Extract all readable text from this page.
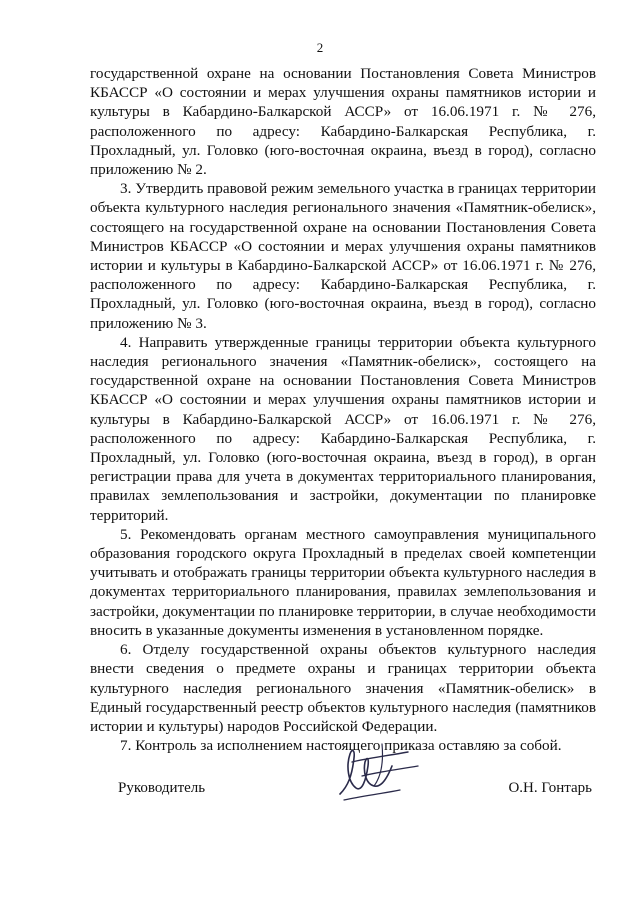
2

государственной охране на основании Постановления Совета Министров КБАССР «О состоянии и мерах улучшения охраны памятников истории и культуры в Кабардино-Балкарской АССР» от 16.06.1971 г. № 276, расположенного по адресу: Кабардино-Балкарская Республика, г. Прохладный, ул. Головко (юго-восточная окраина, въезд в город), согласно приложению № 2.

3. Утвердить правовой режим земельного участка в границах территории объекта культурного наследия регионального значения «Памятник-обелиск», состоящего на государственной охране на основании Постановления Совета Министров КБАССР «О состоянии и мерах улучшения охраны памятников истории и культуры в Кабардино-Балкарской АССР» от 16.06.1971 г. № 276, расположенного по адресу: Кабардино-Балкарская Республика, г. Прохладный, ул. Головко (юго-восточная окраина, въезд в город), согласно приложению № 3.

4. Направить утвержденные границы территории объекта культурного наследия регионального значения «Памятник-обелиск», состоящего на государственной охране на основании Постановления Совета Министров КБАССР «О состоянии и мерах улучшения охраны памятников истории и культуры в Кабардино-Балкарской АССР» от 16.06.1971 г. № 276, расположенного по адресу: Кабардино-Балкарская Республика, г. Прохладный, ул. Головко (юго-восточная окраина, въезд в город), в орган регистрации права для учета в документах территориального планирования, правилах землепользования и застройки, документации по планировке территорий.

5. Рекомендовать органам местного самоуправления муниципального образования городского округа Прохладный в пределах своей компетенции учитывать и отображать границы территории объекта культурного наследия в документах территориального планирования, правилах землепользования и застройки, документации по планировке территории, в случае необходимости вносить в указанные документы изменения в установленном порядке.

6. Отделу государственной охраны объектов культурного наследия внести сведения о предмете охраны и границах территории объекта культурного наследия регионального значения «Памятник-обелиск» в Единый государственный реестр объектов культурного наследия (памятников истории и культуры) народов Российской Федерации.

7. Контроль за исполнением настоящего приказа оставляю за собой.

Руководитель	О.Н. Гонтарь
